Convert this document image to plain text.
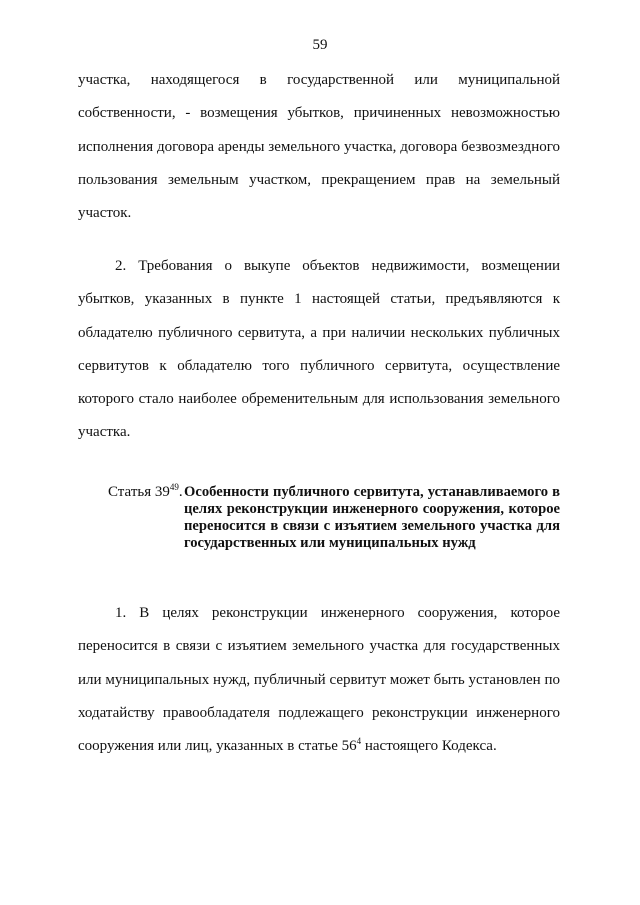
59

участка, находящегося в государственной или муниципальной собственности, - возмещения убытков, причиненных невозможностью исполнения договора аренды земельного участка, договора безвозмездного пользования земельным участком, прекращением прав на земельный участок.

2. Требования о выкупе объектов недвижимости, возмещении убытков, указанных в пункте 1 настоящей статьи, предъявляются к обладателю публичного сервитута, а при наличии нескольких публичных сервитутов к обладателю того публичного сервитута, осуществление которого стало наиболее обременительным для использования земельного участка.

Статья $39^{49}$. Особенности публичного сервитута, устанавливаемого в целях реконструкции инженерного сооружения, которое переносится в связи с изъятием земельного участка для государственных или муниципальных нужд

1. В целях реконструкции инженерного сооружения, которое переносится в связи с изъятием земельного участка для государственных или муниципальных нужд, публичный сервитут может быть установлен по ходатайству правообладателя подлежащего реконструкции инженерного сооружения или лиц, указанных в статье $56^4$ настоящего Кодекса.
